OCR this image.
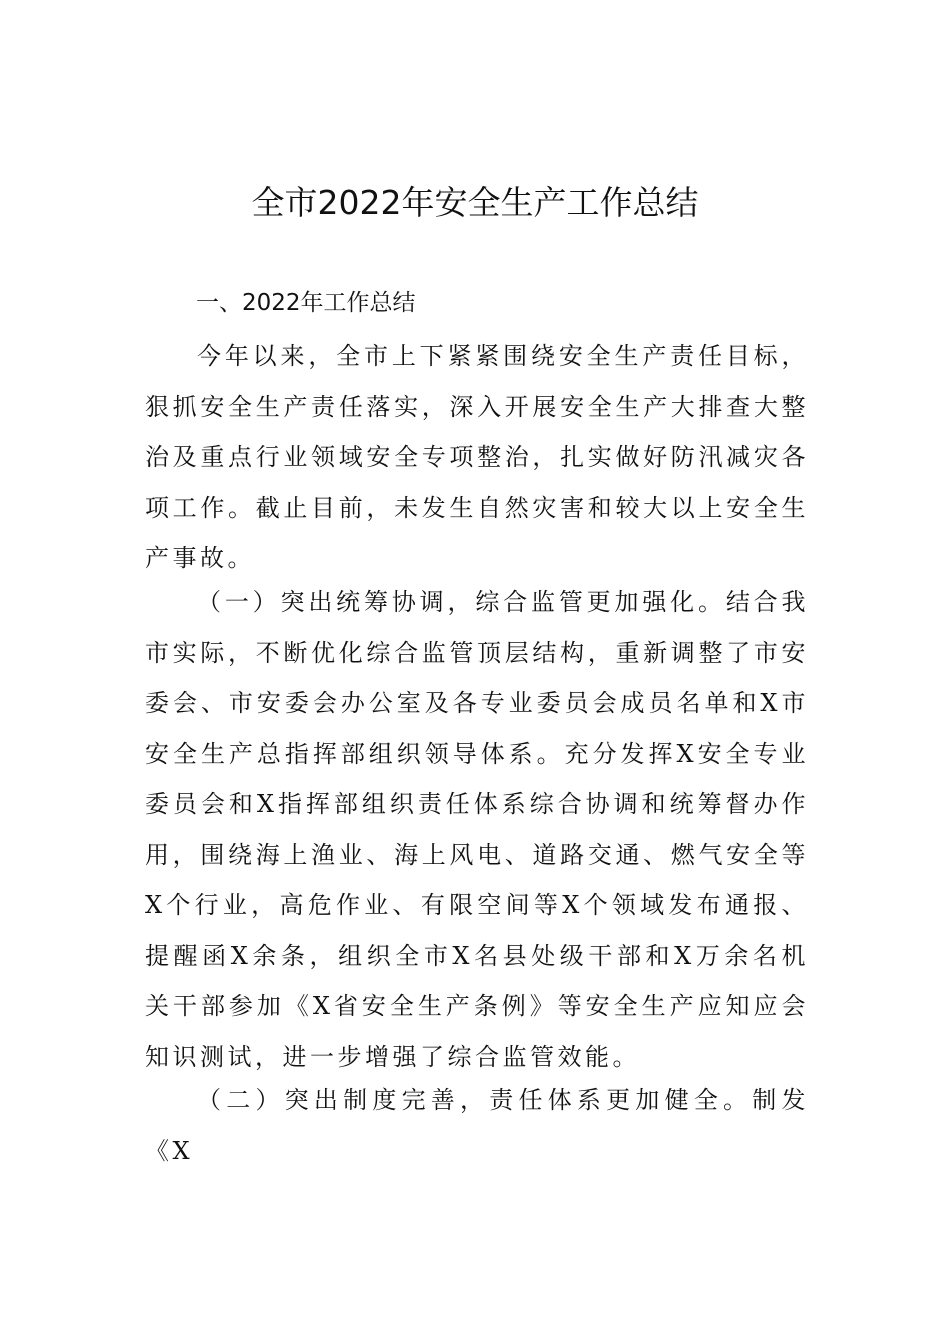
全市2022年安全生产工作总结
一、2022年工作总结

今年以来，全市上下紧紧围绕安全生产责任目标，狠抓安全生产责任落实，深入开展安全生产大排查大整治及重点行业领域安全专项整治，扎实做好防汛减灾各项工作。截止目前，未发生自然灾害和较大以上安全生产事故。

（一）突出统筹协调，综合监管更加强化。结合我市实际，不断优化综合监管顶层结构，重新调整了市安委会、市安委会办公室及各专业委员会成员名单和X市安全生产总指挥部组织领导体系。充分发挥X安全专业委员会和X指挥部组织责任体系综合协调和统筹督办作用，围绕海上渔业、海上风电、道路交通、燃气安全等X个行业，高危作业、有限空间等X个领域发布通报、提醒函X余条，组织全市X名县处级干部和X万余名机关干部参加《X省安全生产条例》等安全生产应知应会知识测试，进一步增强了综合监管效能。

（二）突出制度完善，责任体系更加健全。制发《X
